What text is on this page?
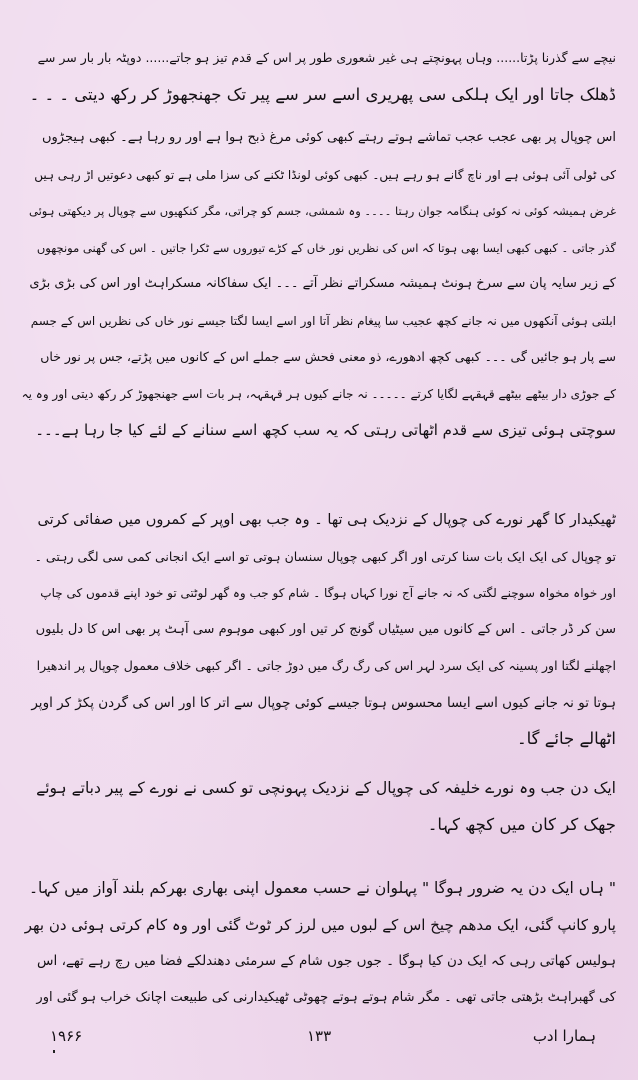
نیچے سے گذرنا پڑتا...... وہاں پہونچتے ہی غیر شعوری طور پر اس کے قدم تیز ہو جاتے...... دوپٹہ بار بار سر سے
ڈھلک جاتا اور ایک ہلکی سی پھریری اسے سر سے پیر تک جھنجھوڑ کر رکھ دیتی ۔ ۔ ۔
اس چوپال پر بھی عجب عجب تماشے ہوتے رہتے کبھی کوئی مرغ ذبح ہوا ہے اور رو رہا ہے۔ کبھی ہیجڑوں
کی ٹولی آئی ہوئی ہے اور ناچ گانے ہو رہے ہیں۔ کبھی کوئی لونڈا ٹکنے کی سزا ملی ہے تو کبھی دعوتیں اڑ رہی ہیں
غرض ہمیشہ کوئی نہ کوئی ہنگامہ جوان رہتا ۔۔۔۔ وہ شمشی، جسم کو چراتی، مگر کنکھیوں سے چوپال پر دیکھتی ہوئی
گذر جاتی ۔ کبھی کبھی ایسا بھی ہوتا کہ اس کی نظریں نور خاں کے کڑے تیوروں سے ٹکرا جاتیں ۔ اس کی گھنی مونچھوں
کے زیر سایہ پان سے سرخ ہونٹ ہمیشہ مسکراتے نظر آتے ۔۔۔ ایک سفاکانہ مسکراہٹ اور اس کی بڑی بڑی
ابلتی ہوئی آنکھوں میں نہ جانے کچھ عجیب سا پیغام نظر آتا اور اسے ایسا لگتا جیسے نور خاں کی نظریں اس کے جسم
سے پار ہو جائیں گی ۔۔۔ کبھی کچھ ادھورے، ذو معنی فحش سے جملے اس کے کانوں میں پڑتے، جس پر نور خاں
کے جوڑی دار بیٹھے بیٹھے قہقہے لگایا کرتے ۔۔۔۔۔ نہ جانے کیوں ہر قہقہہ، ہر بات اسے جھنجھوڑ کر رکھ دیتی اور وہ یہ
سوچتی ہوئی تیزی سے قدم اٹھاتی رہتی کہ یہ سب کچھ اسے سنانے کے لئے کیا جا رہا ہے۔۔۔
ٹھیکیدار کا گھر نورے کی چوپال کے نزدیک ہی تھا ۔ وہ جب بھی اوپر کے کمروں میں صفائی کرتی
تو چوپال کی ایک ایک بات سنا کرتی اور اگر کبھی چوپال سنسان ہوتی تو اسے ایک انجانی کمی سی لگی رہتی ۔
اور خواہ مخواہ سوچنے لگتی کہ نہ جانے آج نورا کہاں ہوگا ۔ شام کو جب وہ گھر لوٹتی تو خود اپنے قدموں کی چاپ
سن کر ڈر جاتی ۔ اس کے کانوں میں سیٹیاں گونج کر تیں اور کبھی موہوم سی آہٹ پر بھی اس کا دل بلیوں
اچھلنے لگتا اور پسینہ کی ایک سرد لہر اس کی رگ رگ میں دوڑ جاتی ۔ اگر کبھی خلاف معمول چوپال پر اندھیرا
ہوتا تو نہ جانے کیوں اسے ایسا محسوس ہوتا جیسے کوئی چوپال سے اتر کا اور اس کی گردن پکڑ کر اوپر
اٹھالے جائے گا۔
ایک دن جب وہ نورے خلیفہ کی چوپال کے نزدیک پہونچی تو کسی نے نورے کے پیر دباتے ہوئے
جھک کر کان میں کچھ کہا۔
" ہاں ایک دن یہ ضرور ہوگا " پہلوان نے حسب معمول اپنی بھاری بھرکم بلند آواز میں کہا۔
پارو کانپ گئی، ایک مدھم چیخ اس کے لبوں میں لرز کر ٹوٹ گئی اور وہ کام کرتی ہوئی دن بھر
ہولیس کھاتی رہی کہ ایک دن کیا ہوگا ۔ جوں جوں شام کے سرمئی دھندلکے فضا میں رچ رہے تھے، اس
کی گھبراہٹ بڑھتی جاتی تھی ۔ مگر شام ہوتے ہوتے چھوٹی ٹھیکیدارنی کی طبیعت اچانک خراب ہو گئی اور
۱۹۶۶	۱۳۳	ہمارا ادب
